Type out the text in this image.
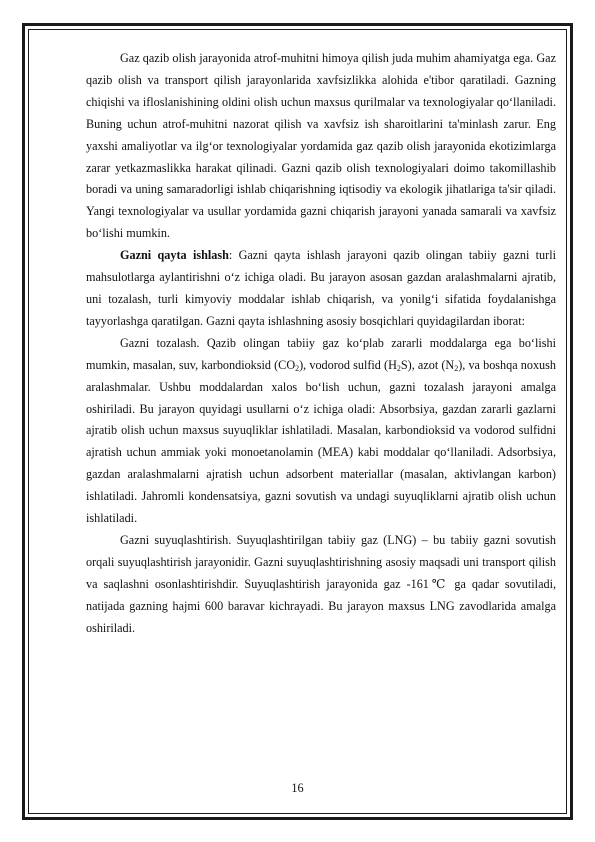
Gaz qazib olish jarayonida atrof-muhitni himoya qilish juda muhim ahamiyatga ega. Gaz qazib olish va transport qilish jarayonlarida xavfsizlikka alohida e'tibor qaratiladi. Gazning chiqishi va ifloslanishining oldini olish uchun maxsus qurilmalar va texnologiyalar qo‘llaniladi. Buning uchun atrof-muhitni nazorat qilish va xavfsiz ish sharoitlarini ta'minlash zarur. Eng yaxshi amaliyotlar va ilg‘or texnologiyalar yordamida gaz qazib olish jarayonida ekotizimlarga zarar yetkazmaslikka harakat qilinadi. Gazni qazib olish texnologiyalari doimo takomillashib boradi va uning samaradorligi ishlab chiqarishning iqtisodiy va ekologik jihatlariga ta'sir qiladi. Yangi texnologiyalar va usullar yordamida gazni chiqarish jarayoni yanada samarali va xavfsiz bo‘lishi mumkin.

Gazni qayta ishlash: Gazni qayta ishlash jarayoni qazib olingan tabiiy gazni turli mahsulotlarga aylantirishni o‘z ichiga oladi. Bu jarayon asosan gazdan aralashmalarni ajratib, uni tozalash, turli kimyoviy moddalar ishlab chiqarish, va yonilg‘i sifatida foydalanishga tayyorlashga qaratilgan. Gazni qayta ishlashning asosiy bosqichlari quyidagilardan iborat:

Gazni tozalash. Qazib olingan tabiiy gaz ko‘plab zararli moddalarga ega bo‘lishi mumkin, masalan, suv, karbondioksid $(CO_2)$, vodorod sulfid $(H_2S)$, azot $(N_2)$, va boshqa noxush aralashmalar. Ushbu moddalardan xalos bo‘lish uchun, gazni tozalash jarayoni amalga oshiriladi. Bu jarayon quyidagi usullarni o‘z ichiga oladi: Absorbsiya, gazdan zararli gazlarni ajratib olish uchun maxsus suyuqliklar ishlatiladi. Masalan, karbondioksid va vodorod sulfidni ajratish uchun ammiak yoki monoetanolamin (MEA) kabi moddalar qo‘llaniladi. Adsorbsiya, gazdan aralashmalarni ajratish uchun adsorbent materiallar (masalan, aktivlangan karbon) ishlatiladi. Jahromli kondensatsiya, gazni sovutish va undagi suyuqliklarni ajratib olish uchun ishlatiladi.

Gazni suyuqlashtirish. Suyuqlashtirilgan tabiiy gaz (LNG) – bu tabiiy gazni sovutish orqali suyuqlashtirish jarayonidir. Gazni suyuqlashtirishning asosiy maqsadi uni transport qilish va saqlashni osonlashtirishdir. Suyuqlashtirish jarayonida gaz -161℃ ga qadar sovutiladi, natijada gazning hajmi 600 baravar kichrayadi. Bu jarayon maxsus LNG zavodlarida amalga oshiriladi.

16
